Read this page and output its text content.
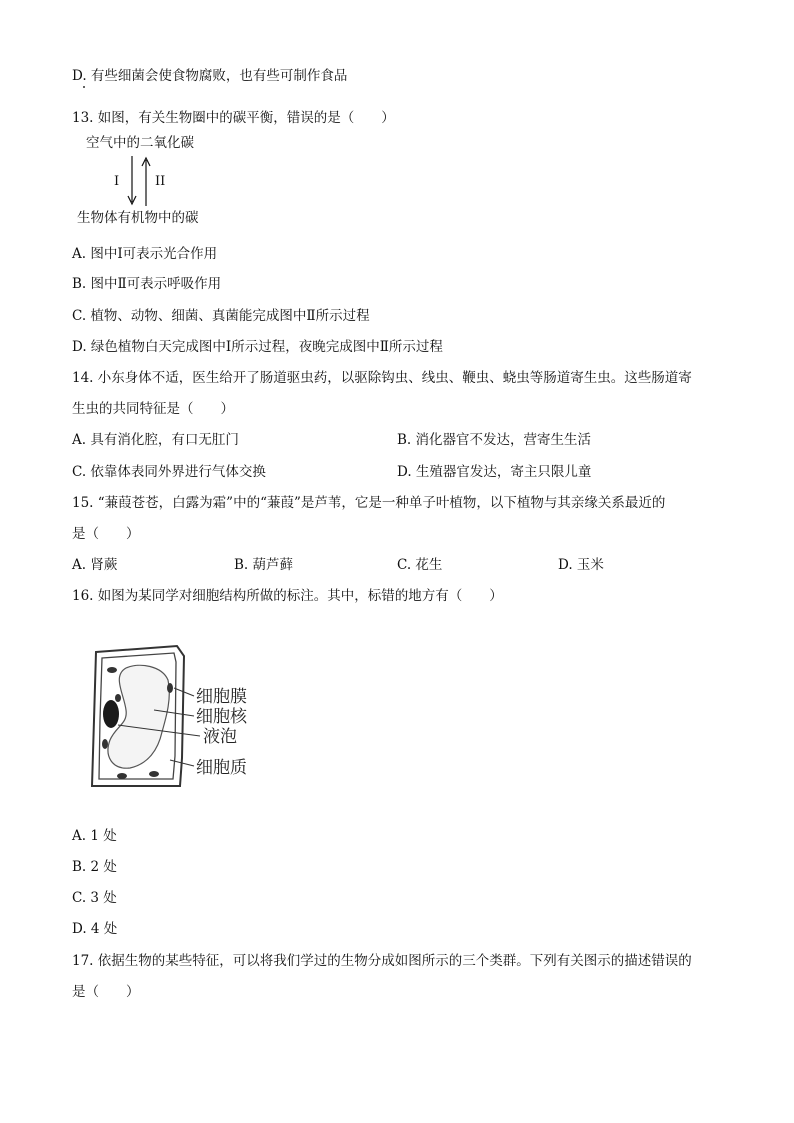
D. 有些细菌会使食物腐败，也有些可制作食品
13. 如图，有关生物圈中的碳平衡，错误的是（　　）
空气中的二氧化碳
I	II
生物体有机物中的碳
A. 图中Ⅰ可表示光合作用
B. 图中Ⅱ可表示呼吸作用
C. 植物、动物、细菌、真菌能完成图中Ⅱ所示过程
D. 绿色植物白天完成图中Ⅰ所示过程，夜晚完成图中Ⅱ所示过程
14. 小东身体不适，医生给开了肠道驱虫药，以驱除钩虫、线虫、鞭虫、蛲虫等肠道寄生虫。这些肠道寄
生虫的共同特征是（　　）
A. 具有消化腔，有口无肛门	B. 消化器官不发达，营寄生生活
C. 依靠体表同外界进行气体交换	D. 生殖器官发达，寄主只限儿童
15. “蒹葭苍苍，白露为霜”中的“蒹葭”是芦苇，它是一种单子叶植物，以下植物与其亲缘关系最近的
是（　　）
A. 肾蕨	B. 葫芦藓	C. 花生	D. 玉米
16. 如图为某同学对细胞结构所做的标注。其中，标错的地方有（　　）
细胞膜
细胞核
液泡
细胞质
A. 1 处
B. 2 处
C. 3 处
D. 4 处
17. 依据生物的某些特征，可以将我们学过的生物分成如图所示的三个类群。下列有关图示的描述错误的
是（　　）
